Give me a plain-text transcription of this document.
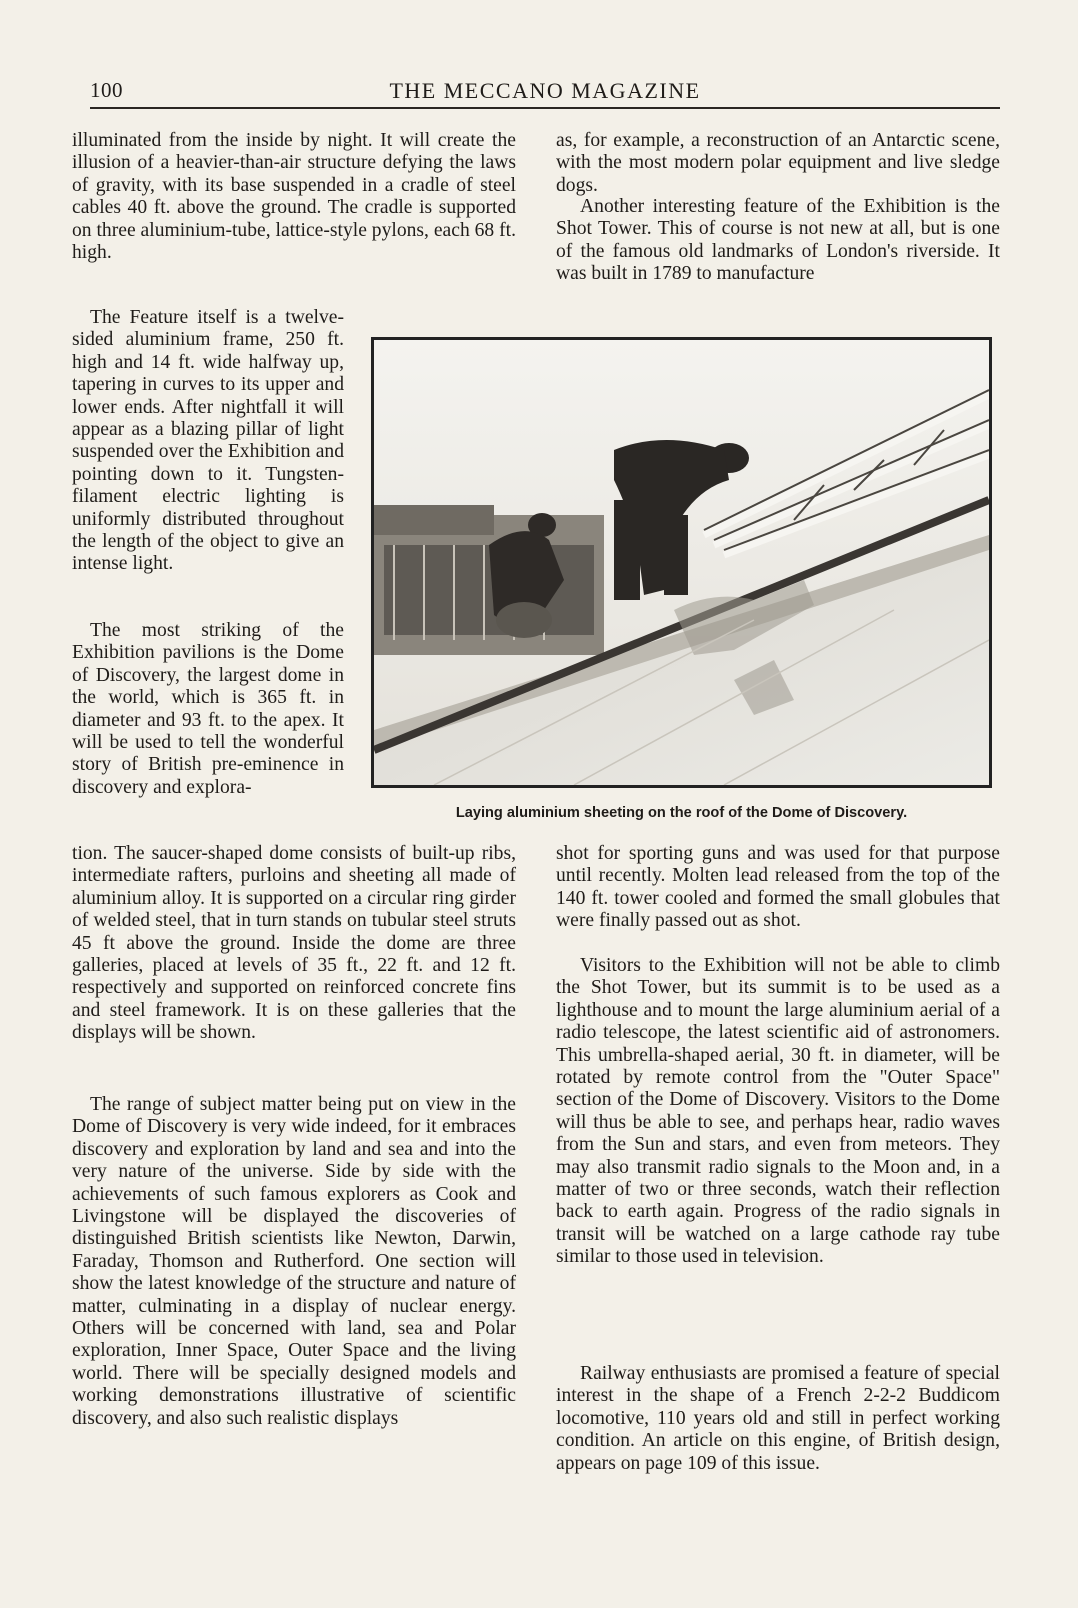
100	THE MECCANO MAGAZINE

illuminated from the inside by night. It will create the illusion of a heavier-than-air structure defying the laws of gravity, with its base suspended in a cradle of steel cables 40 ft. above the ground. The cradle is supported on three aluminium-tube, lattice-style pylons, each 68 ft. high.

The Feature itself is a twelve-sided aluminium frame, 250 ft. high and 14 ft. wide halfway up, tapering in curves to its upper and lower ends. After nightfall it will appear as a blazing pillar of light suspended over the Exhibition and pointing down to it. Tungsten-filament electric lighting is uniformly distributed throughout the length of the object to give an intense light.

The most striking of the Exhibition pavilions is the Dome of Discovery, the largest dome in the world, which is 365 ft. in diameter and 93 ft. to the apex. It will be used to tell the wonderful story of British pre-eminence in discovery and explora-

tion. The saucer-shaped dome consists of built-up ribs, intermediate rafters, purloins and sheeting all made of aluminium alloy. It is supported on a circular ring girder of welded steel, that in turn stands on tubular steel struts 45 ft above the ground. Inside the dome are three galleries, placed at levels of 35 ft., 22 ft. and 12 ft. respectively and supported on reinforced concrete fins and steel framework. It is on these galleries that the displays will be shown.

The range of subject matter being put on view in the Dome of Discovery is very wide indeed, for it embraces discovery and exploration by land and sea and into the very nature of the universe. Side by side with the achievements of such famous explorers as Cook and Livingstone will be displayed the discoveries of distinguished British scientists like Newton, Darwin, Faraday, Thomson and Rutherford. One section will show the latest knowledge of the structure and nature of matter, culminating in a display of nuclear energy. Others will be concerned with land, sea and Polar exploration, Inner Space, Outer Space and the living world. There will be specially designed models and working demonstrations illustrative of scientific discovery, and also such realistic displays

as, for example, a reconstruction of an Antarctic scene, with the most modern polar equipment and live sledge dogs.

Another interesting feature of the Exhibition is the Shot Tower. This of course is not new at all, but is one of the famous old landmarks of London's riverside. It was built in 1789 to manufacture

Laying aluminium sheeting on the roof of the Dome of Discovery.

shot for sporting guns and was used for that purpose until recently. Molten lead released from the top of the 140 ft. tower cooled and formed the small globules that were finally passed out as shot.

Visitors to the Exhibition will not be able to climb the Shot Tower, but its summit is to be used as a lighthouse and to mount the large aluminium aerial of a radio telescope, the latest scientific aid of astronomers. This umbrella-shaped aerial, 30 ft. in diameter, will be rotated by remote control from the "Outer Space" section of the Dome of Discovery. Visitors to the Dome will thus be able to see, and perhaps hear, radio waves from the Sun and stars, and even from meteors. They may also transmit radio signals to the Moon and, in a matter of two or three seconds, watch their reflection back to earth again. Progress of the radio signals in transit will be watched on a large cathode ray tube similar to those used in television.

Railway enthusiasts are promised a feature of special interest in the shape of a French 2-2-2 Buddicom locomotive, 110 years old and still in perfect working condition. An article on this engine, of British design, appears on page 109 of this issue.
